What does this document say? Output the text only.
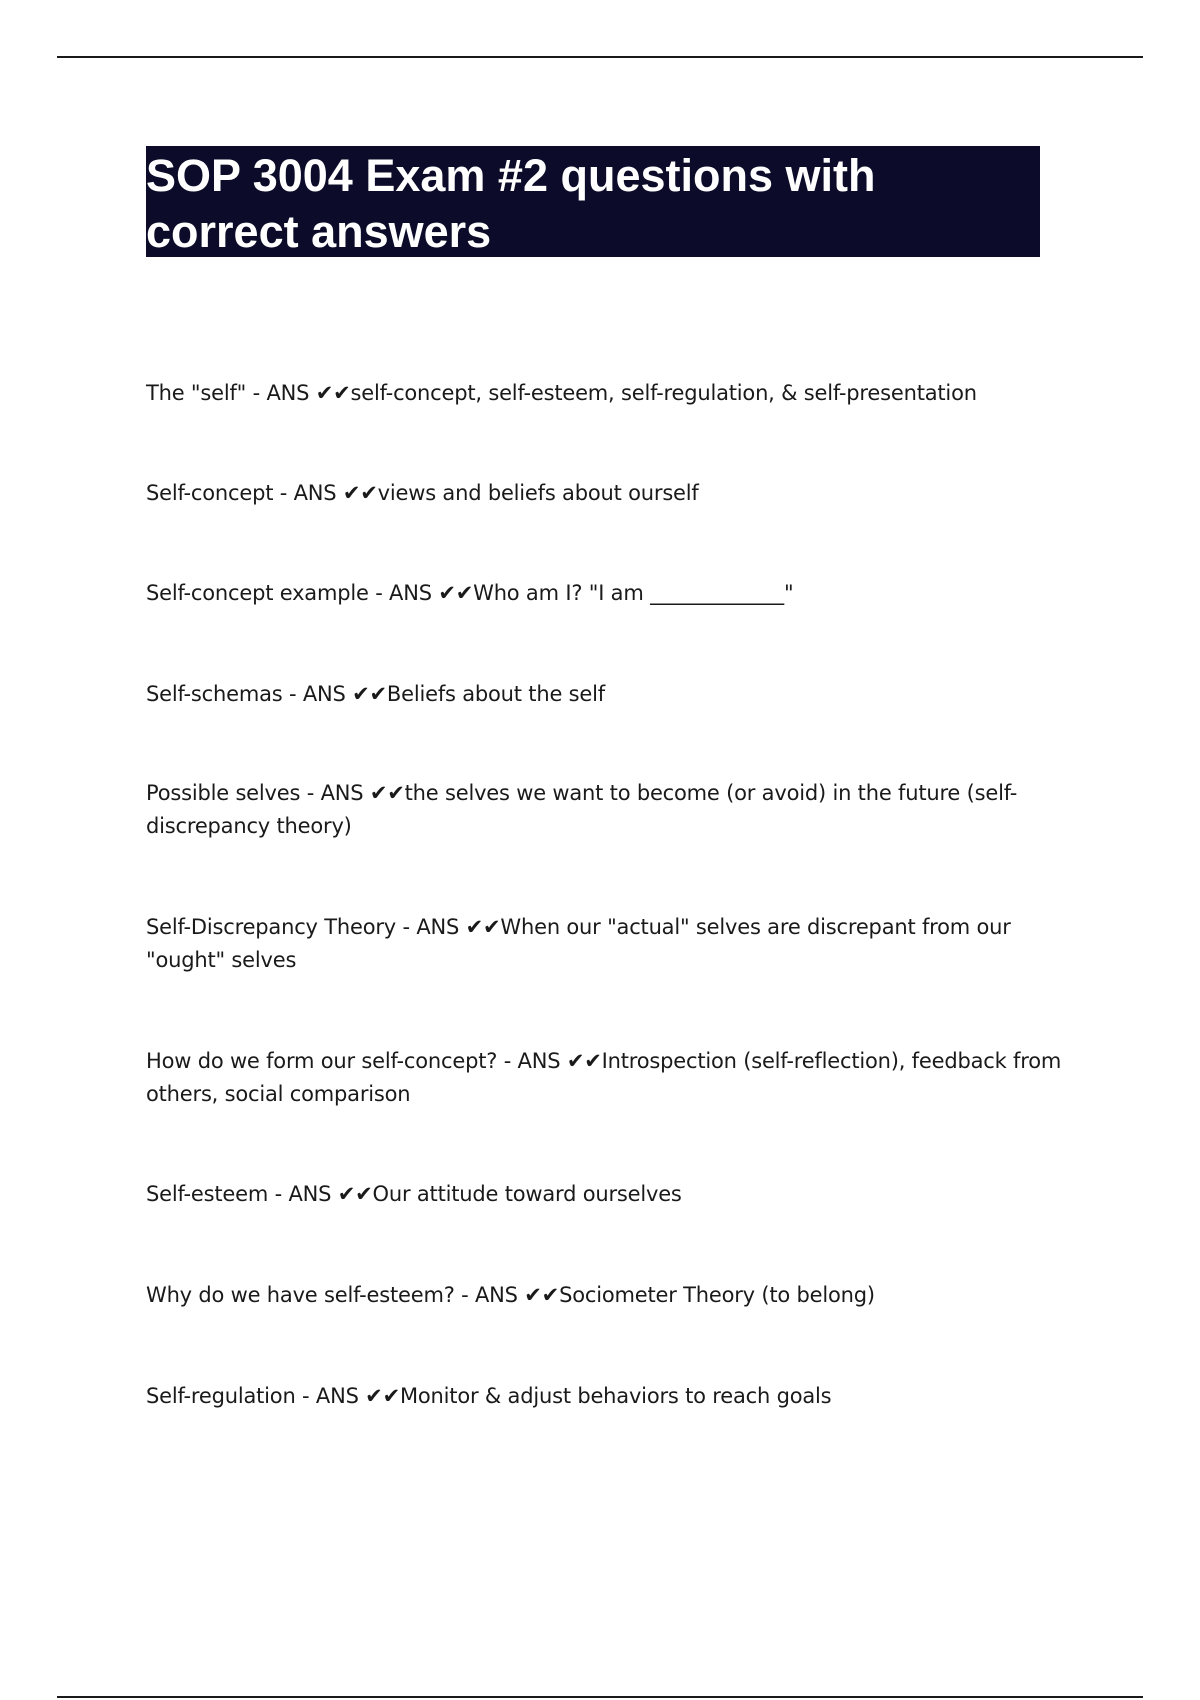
SOP 3004 Exam #2 questions with correct answers

The "self" - ANS ✔✔self-concept, self-esteem, self-regulation, & self-presentation

Self-concept - ANS ✔✔views and beliefs about ourself

Self-concept example - ANS ✔✔Who am I? "I am _____________"

Self-schemas - ANS ✔✔Beliefs about the self

Possible selves - ANS ✔✔the selves we want to become (or avoid) in the future (self-discrepancy theory)

Self-Discrepancy Theory - ANS ✔✔When our "actual" selves are discrepant from our "ought" selves

How do we form our self-concept? - ANS ✔✔Introspection (self-reflection), feedback from others, social comparison

Self-esteem - ANS ✔✔Our attitude toward ourselves

Why do we have self-esteem? - ANS ✔✔Sociometer Theory (to belong)

Self-regulation - ANS ✔✔Monitor & adjust behaviors to reach goals
